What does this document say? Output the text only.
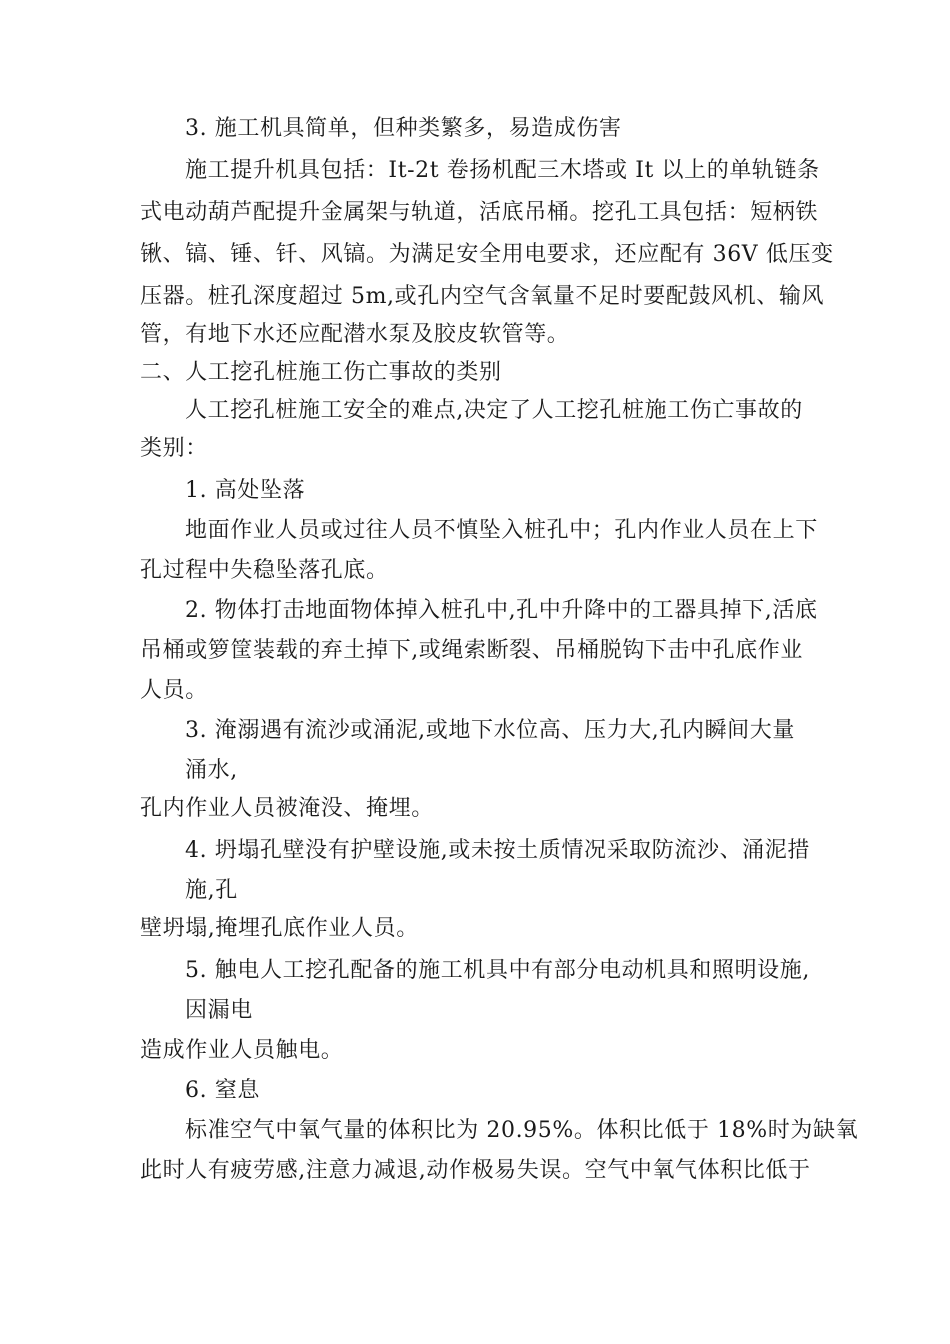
3. 施工机具简单，但种类繁多，易造成伤害
施工提升机具包括：It-2t 卷扬机配三木塔或 It 以上的单轨链条
式电动葫芦配提升金属架与轨道，活底吊桶。挖孔工具包括：短柄铁
锹、镐、锤、钎、风镐。为满足安全用电要求，还应配有 36V 低压变
压器。桩孔深度超过 5m,或孔内空气含氧量不足时要配鼓风机、输风
管，有地下水还应配潜水泵及胶皮软管等。
二、人工挖孔桩施工伤亡事故的类别
人工挖孔桩施工安全的难点,决定了人工挖孔桩施工伤亡事故的
类别：
1. 高处坠落
地面作业人员或过往人员不慎坠入桩孔中；孔内作业人员在上下
孔过程中失稳坠落孔底。
2. 物体打击地面物体掉入桩孔中,孔中升降中的工器具掉下,活底
吊桶或箩筐装载的弃土掉下,或绳索断裂、吊桶脱钩下击中孔底作业
人员。
3. 淹溺遇有流沙或涌泥,或地下水位高、压力大,孔内瞬间大量
涌水,
孔内作业人员被淹没、掩埋。
4. 坍塌孔壁没有护壁设施,或未按土质情况采取防流沙、涌泥措
施,孔
壁坍塌,掩埋孔底作业人员。
5. 触电人工挖孔配备的施工机具中有部分电动机具和照明设施,
因漏电
造成作业人员触电。
6. 窒息
标准空气中氧气量的体积比为 20.95%。体积比低于 18%时为缺氧
此时人有疲劳感,注意力减退,动作极易失误。空气中氧气体积比低于
